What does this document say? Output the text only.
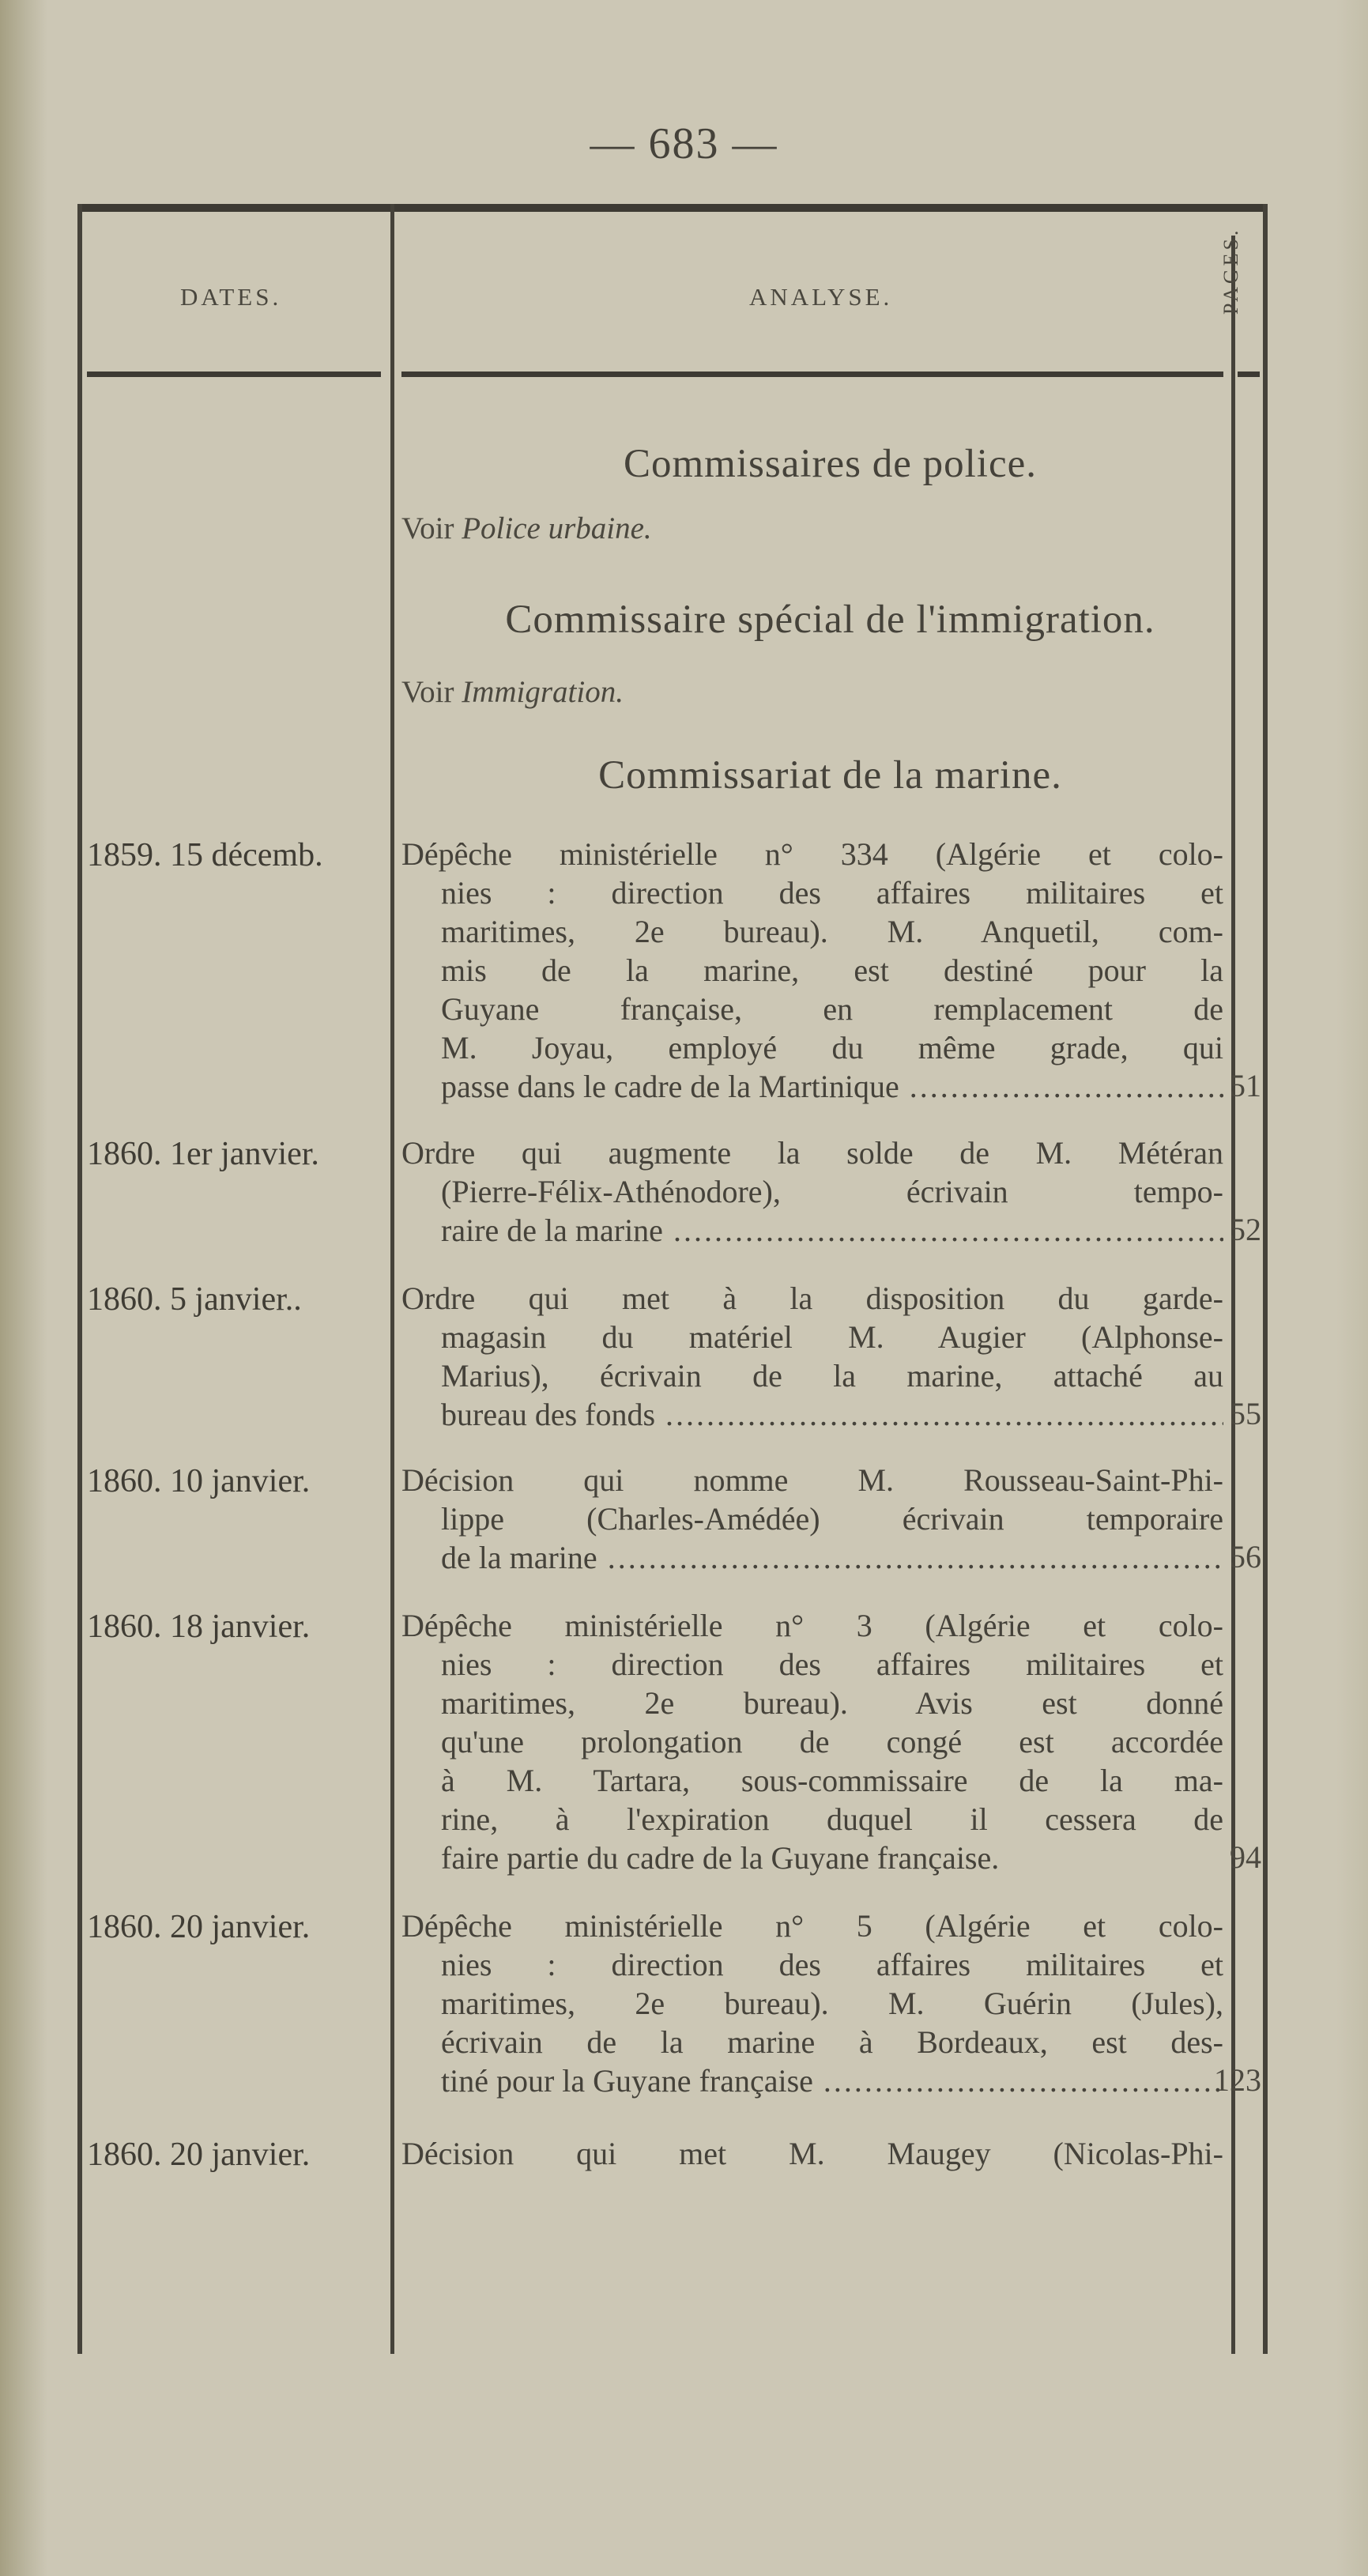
— 683 —
DATES.	ANALYSE.	PAGES.
Commissaires de police.
Voir Police urbaine.
Commissaire spécial de l'immigration.
Voir Immigration.
Commissariat de la marine.
1859. 15 décemb.	Dépêche ministérielle n° 334 (Algérie et colo-
nies : direction des affaires militaires et
maritimes, 2e bureau). M. Anquetil, com-
mis de la marine, est destiné pour la
Guyane française, en remplacement de
M. Joyau, employé du même grade, qui
passe dans le cadre de la Martinique .....	51
1860. 1er janvier.	Ordre qui augmente la solde de M. Météran
(Pierre-Félix-Athénodore), écrivain tempo-
raire de la marine .....	52
1860. 5 janvier..	Ordre qui met à la disposition du garde-
magasin du matériel M. Augier (Alphonse-
Marius), écrivain de la marine, attaché au
bureau des fonds .....	55
1860. 10 janvier.	Décision qui nomme M. Rousseau-Saint-Phi-
lippe (Charles-Amédée) écrivain temporaire
de la marine .....	56
1860. 18 janvier.	Dépêche ministérielle n° 3 (Algérie et colo-
nies : direction des affaires militaires et
maritimes, 2e bureau). Avis est donné
qu'une prolongation de congé est accordée
à M. Tartara, sous-commissaire de la ma-
rine, à l'expiration duquel il cessera de
faire partie du cadre de la Guyane française.	94
1860. 20 janvier.	Dépêche ministérielle n° 5 (Algérie et colo-
nies : direction des affaires militaires et
maritimes, 2e bureau). M. Guérin (Jules),
écrivain de la marine à Bordeaux, est des-
tiné pour la Guyane française .....	123
1860. 20 janvier.	Décision qui met M. Maugey (Nicolas-Phi-
